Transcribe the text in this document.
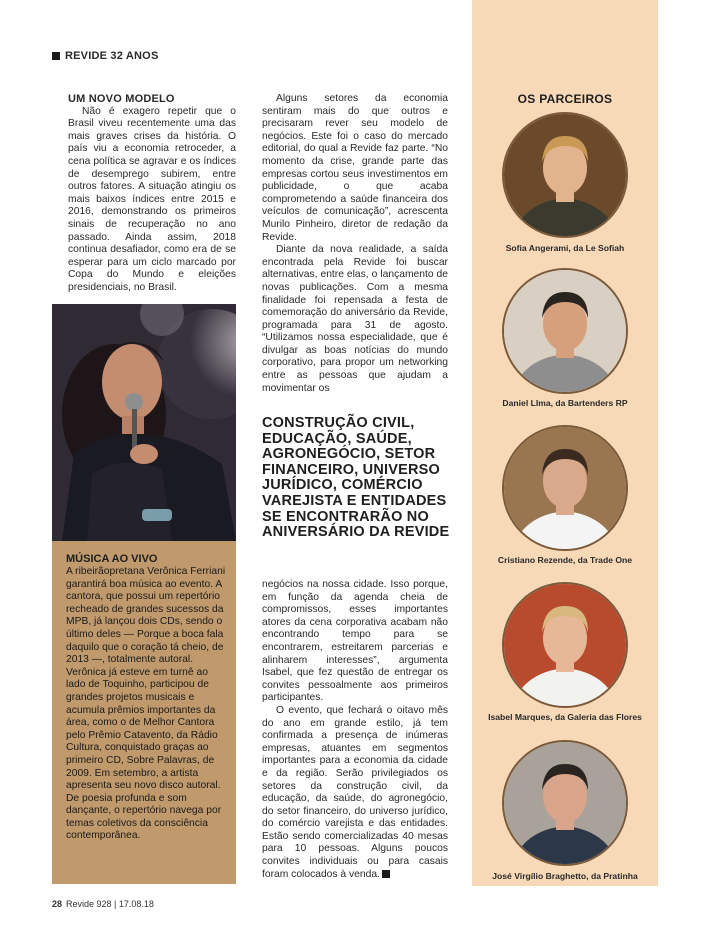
REVIDE 32 ANOS
UM NOVO MODELO

Não é exagero repetir que o Brasil viveu recentemente uma das mais graves crises da história. O país viu a economia retroceder, a cena política se agravar e os índices de desemprego subirem, entre outros fatores. A situação atingiu os mais baixos índices entre 2015 e 2016, demonstrando os primeiros sinais de recuperação no ano passado. Ainda assim, 2018 continua desafiador, como era de se esperar para um ciclo marcado por Copa do Mundo e eleições presidenciais, no Brasil.

MÚSICA AO VIVO

A ribeirãopretana Verônica Ferriani garantirá boa música ao evento. A cantora, que possui um repertório recheado de grandes sucessos da MPB, já lançou dois CDs, sendo o último deles — Porque a boca fala daquilo que o coração tá cheio, de 2013 —, totalmente autoral. Verônica já esteve em turnê ao lado de Toquinho, participou de grandes projetos musicais e acumula prêmios importantes da área, como o de Melhor Cantora pelo Prêmio Catavento, da Rádio Cultura, conquistado graças ao primeiro CD, Sobre Palavras, de 2009. Em setembro, a artista apresenta seu novo disco autoral. De poesia profunda e som dançante, o repertório navega por temas coletivos da consciência contemporânea.

Alguns setores da economia sentiram mais do que outros e precisaram rever seu modelo de negócios. Este foi o caso do mercado editorial, do qual a Revide faz parte. “No momento da crise, grande parte das empresas cortou seus investimentos em publicidade, o que acaba comprometendo a saúde financeira dos veículos de comunicação”, acrescenta Murilo Pinheiro, diretor de redação da Revide.

Diante da nova realidade, a saída encontrada pela Revide foi buscar alternativas, entre elas, o lançamento de novas publicações. Com a mesma finalidade foi repensada a festa de comemoração do aniversário da Revide, programada para 31 de agosto. “Utilizamos nossa especialidade, que é divulgar as boas notícias do mundo corporativo, para propor um networking entre as pessoas que ajudam a movimentar os

CONSTRUÇÃO CIVIL, EDUCAÇÃO, SAÚDE, AGRONEGÓCIO, SETOR FINANCEIRO, UNIVERSO JURÍDICO, COMÉRCIO VAREJISTA E ENTIDADES SE ENCONTRARÃO NO ANIVERSÁRIO DA REVIDE

negócios na nossa cidade. Isso porque, em função da agenda cheia de compromissos, esses importantes atores da cena corporativa acabam não encontrando tempo para se encontrarem, estreitarem parcerias e alinharem interesses”, argumenta Isabel, que fez questão de entregar os convites pessoalmente aos primeiros participantes.

O evento, que fechará o oitavo mês do ano em grande estilo, já tem confirmada a presença de inúmeras empresas, atuantes em segmentos importantes para a economia da cidade e da região. Serão privilegiados os setores da construção civil, da educação, da saúde, do agronegócio, do setor financeiro, do universo jurídico, do comércio varejista e das entidades. Estão sendo comercializadas 40 mesas para 10 pessoas. Alguns poucos convites individuais ou para casais foram colocados à venda.

OS PARCEIROS
Sofia Angerami, da Le Sofiah
Daniel LIma, da Bartenders RP
Cristiano Rezende, da Trade One
Isabel Marques, da Galeria das Flores
José Virgílio Braghetto, da Pratinha
28 Revide 928 | 17.08.18
